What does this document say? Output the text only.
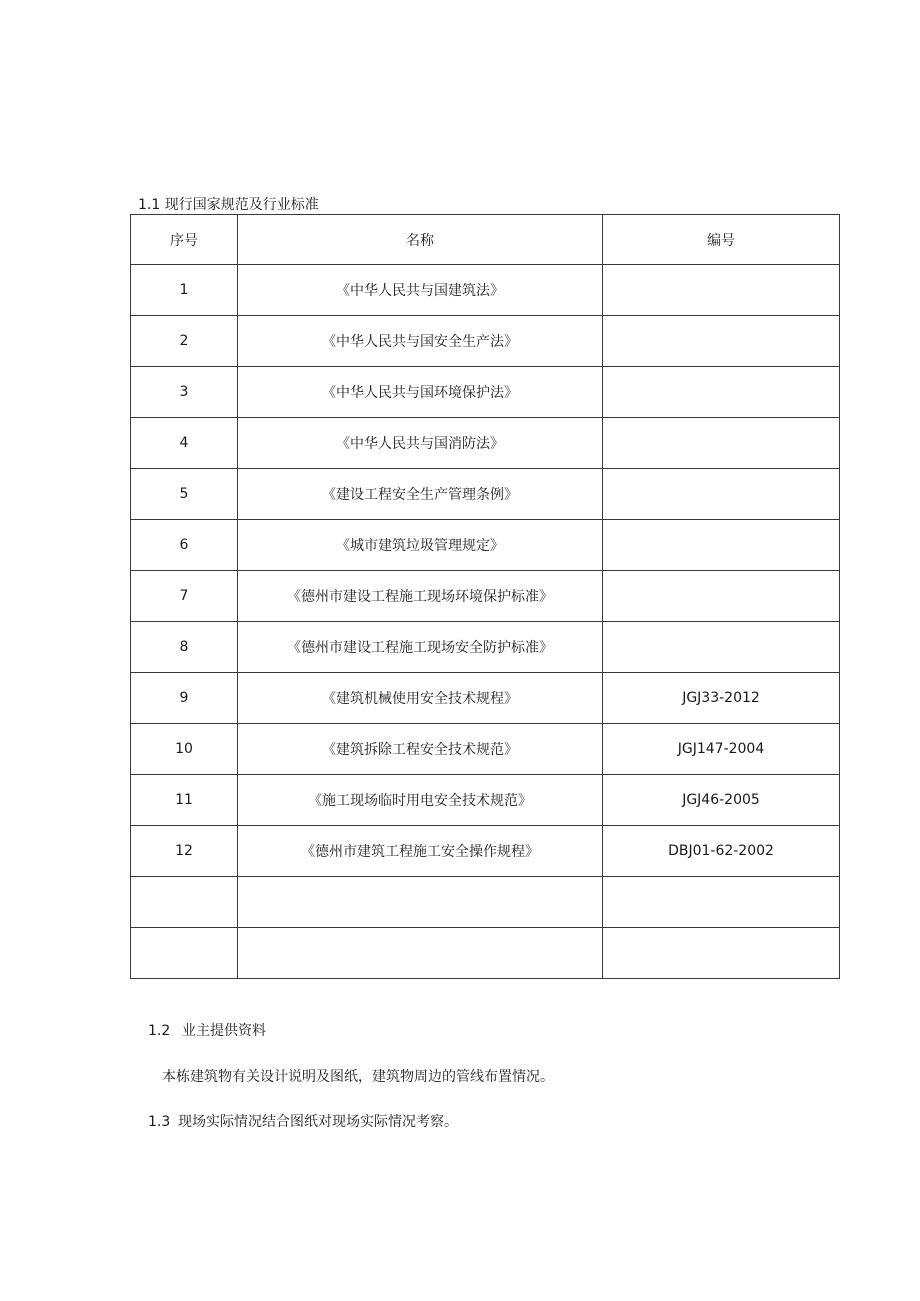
1.1 现行国家规范及行业标准
序号	名称	编号
1	《中华人民共与国建筑法》	
2	《中华人民共与国安全生产法》	
3	《中华人民共与国环境保护法》	
4	《中华人民共与国消防法》	
5	《建设工程安全生产管理条例》	
6	《城市建筑垃圾管理规定》	
7	《德州市建设工程施工现场环境保护标准》	
8	《德州市建设工程施工现场安全防护标准》	
9	《建筑机械使用安全技术规程》	JGJ33-2012
10	《建筑拆除工程安全技术规范》	JGJ147-2004
11	《施工现场临时用电安全技术规范》	JGJ46-2005
12	《德州市建筑工程施工安全操作规程》	DBJ01-62-2002

1.2 业主提供资料
本栋建筑物有关设计说明及图纸，建筑物周边的管线布置情况。
1.3 现场实际情况结合图纸对现场实际情况考察。
